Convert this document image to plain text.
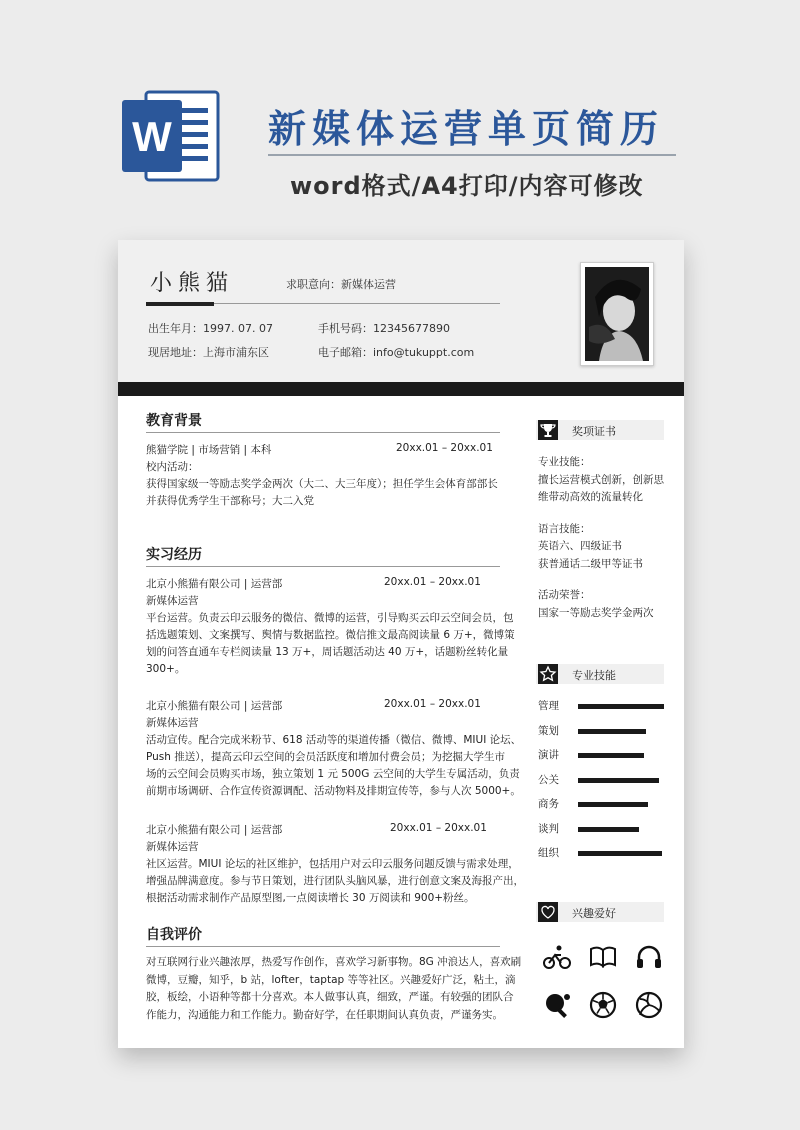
W	新媒体运营单页简历
word格式/A4打印/内容可修改
小熊猫	求职意向：新媒体运营
出生年月：1997. 07. 07	手机号码：12345677890
现居地址：上海市浦东区	电子邮箱：info@tukuppt.com
教育背景
熊猫学院 | 市场营销 | 本科	20xx.01 – 20xx.01
校内活动：
获得国家级一等励志奖学金两次（大二、大三年度）；担任学生会体育部部长
并获得优秀学生干部称号；大二入党
实习经历
北京小熊猫有限公司 | 运营部	20xx.01 – 20xx.01
新媒体运营
平台运营。负责云印云服务的微信、微博的运营，引导购买云印云空间会员，包
括选题策划、文案撰写、舆情与数据监控。微信推文最高阅读量 6 万+，微博策
划的问答直通车专栏阅读量 13 万+，周话题活动达 40 万+，话题粉丝转化量
300+。
北京小熊猫有限公司 | 运营部	20xx.01 – 20xx.01
新媒体运营
活动宣传。配合完成米粉节、618 活动等的渠道传播（微信、微博、MIUI 论坛、
Push 推送），提高云印云空间的会员活跃度和增加付费会员；为挖掘大学生市
场的云空间会员购买市场，独立策划 1 元 500G 云空间的大学生专属活动，负责
前期市场调研、合作宣传资源调配、活动物料及排期宣传等，参与人次 5000+。
北京小熊猫有限公司 | 运营部	20xx.01 – 20xx.01
新媒体运营
社区运营。MIUI 论坛的社区维护，包括用户对云印云服务问题反馈与需求处理，
增强品牌满意度。参与节日策划，进行团队头脑风暴，进行创意文案及海报产出，
根据活动需求制作产品原型图,一点阅读增长 30 万阅读和 900+粉丝。
自我评价
对互联网行业兴趣浓厚，热爱写作创作，喜欢学习新事物。8G 冲浪达人，喜欢刷
微博，豆瓣，知乎，b 站，lofter，taptap 等等社区。兴趣爱好广泛，粘土，滴
胶，板绘，小语种等都十分喜欢。本人做事认真，细致，严谨。有较强的团队合
作能力，沟通能力和工作能力。勤奋好学，在任职期间认真负责，严谨务实。
奖项证书
专业技能：
擅长运营模式创新，创新思
维带动高效的流量转化
语言技能：
英语六、四级证书
获普通话二级甲等证书
活动荣誉：
国家一等励志奖学金两次
专业技能
管理
策划
演讲
公关
商务
谈判
组织
兴趣爱好
